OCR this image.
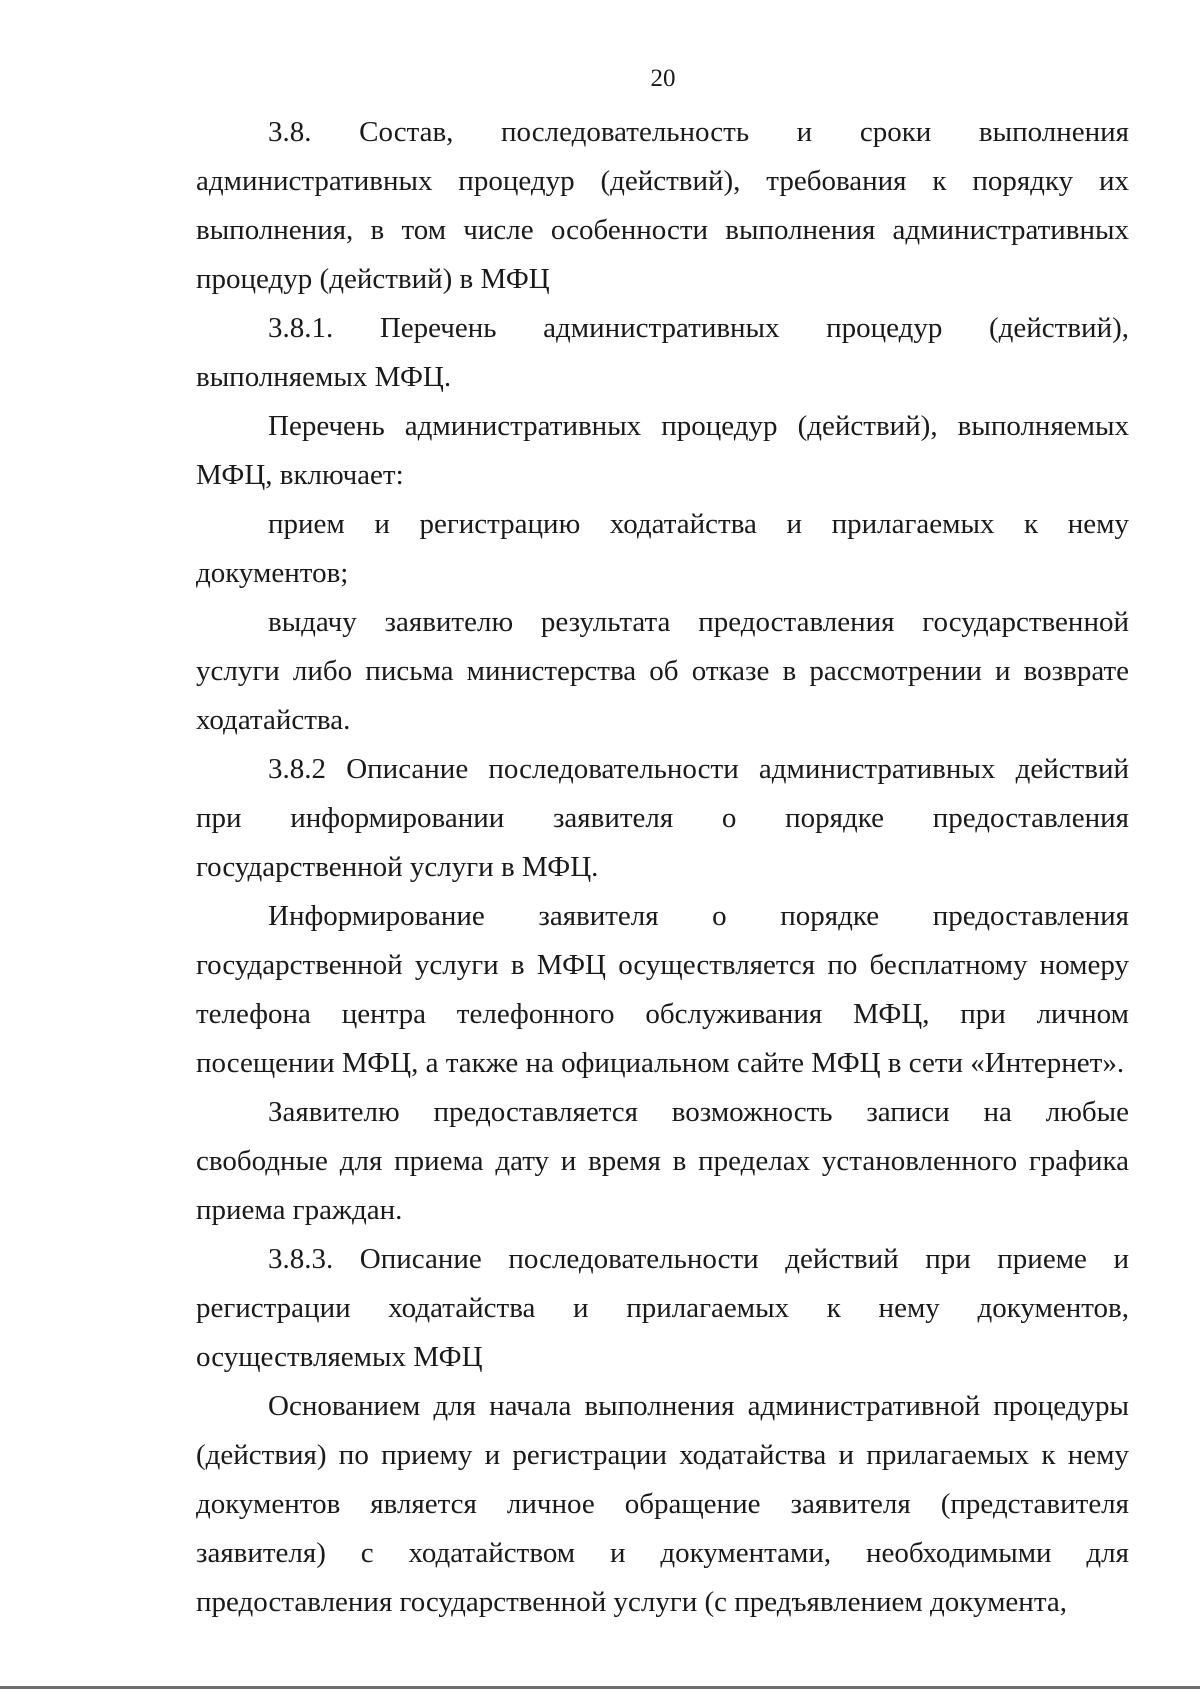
20

3.8. Состав, последовательность и сроки выполнения административных процедур (действий), требования к порядку их выполнения, в том числе особенности выполнения административных процедур (действий) в МФЦ

3.8.1. Перечень административных процедур (действий), выполняемых МФЦ.

Перечень административных процедур (действий), выполняемых МФЦ, включает:

прием и регистрацию ходатайства и прилагаемых к нему документов;

выдачу заявителю результата предоставления государственной услуги либо письма министерства об отказе в рассмотрении и возврате ходатайства.

3.8.2 Описание последовательности административных действий при информировании заявителя о порядке предоставления государственной услуги в МФЦ.

Информирование заявителя о порядке предоставления государственной услуги в МФЦ осуществляется по бесплатному номеру телефона центра телефонного обслуживания МФЦ, при личном посещении МФЦ, а также на официальном сайте МФЦ в сети «Интернет».

Заявителю предоставляется возможность записи на любые свободные для приема дату и время в пределах установленного графика приема граждан.

3.8.3. Описание последовательности действий при приеме и регистрации ходатайства и прилагаемых к нему документов, осуществляемых МФЦ

Основанием для начала выполнения административной процедуры (действия) по приему и регистрации ходатайства и прилагаемых к нему документов является личное обращение заявителя (представителя заявителя) с ходатайством и документами, необходимыми для предоставления государственной услуги (с предъявлением документа,
